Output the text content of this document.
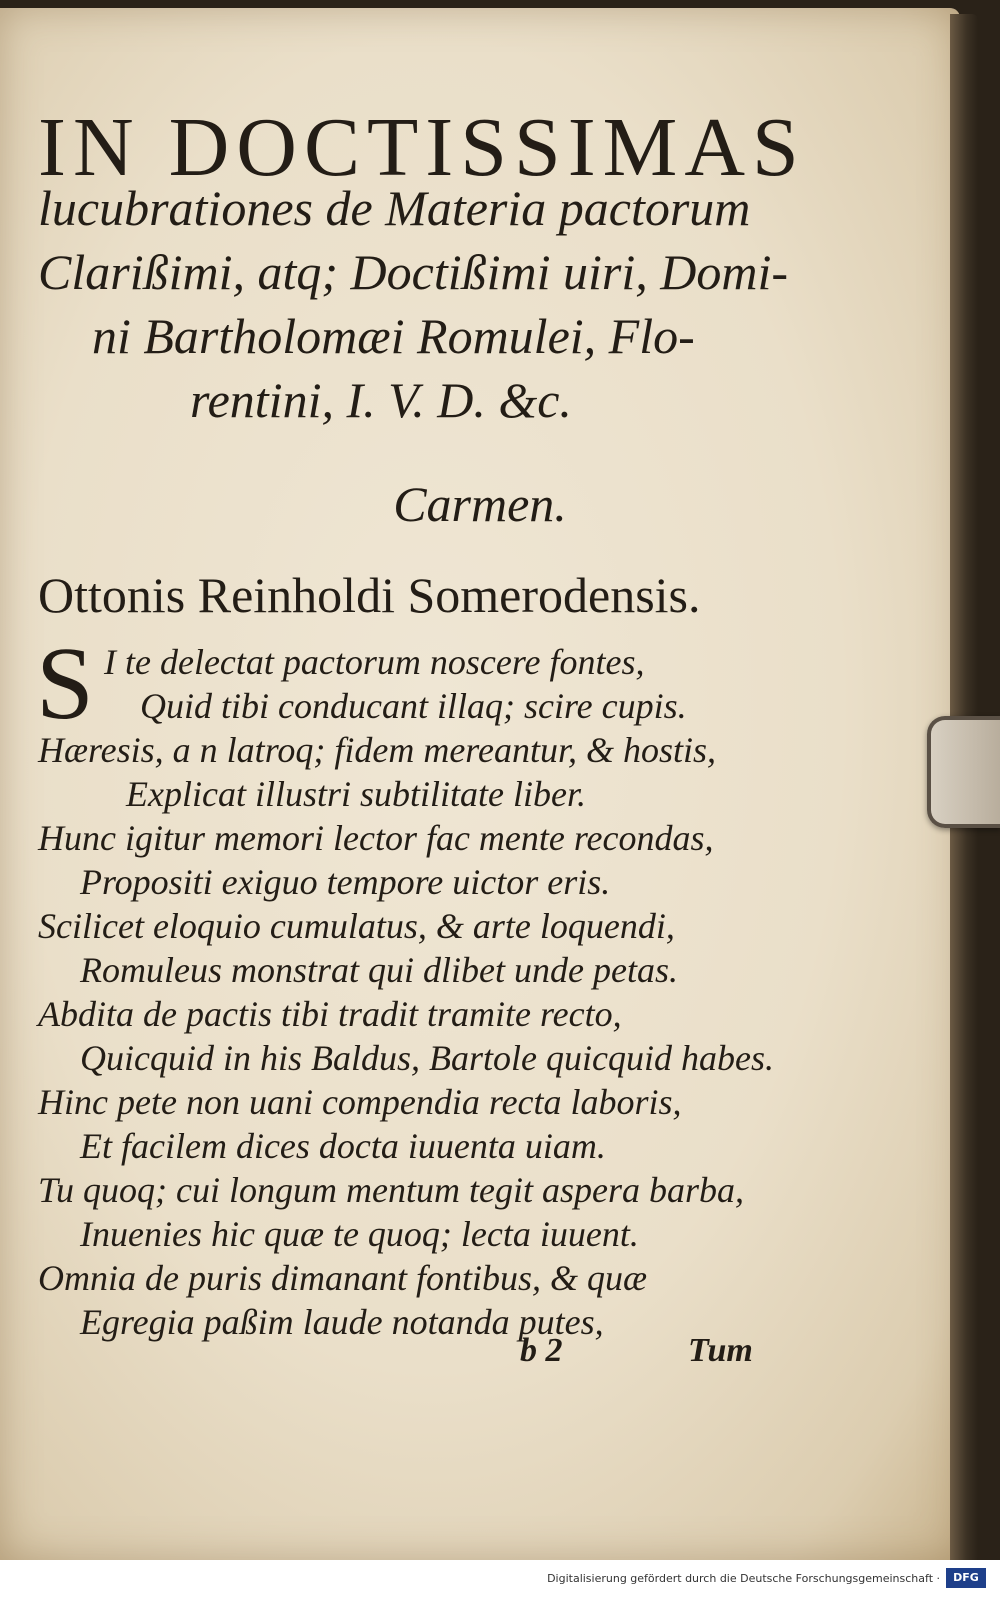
IN DOCTISSIMAS
lucubrationes de Materia pactorum
Clarißimi, atq; Doctißimi uiri, Domi-
ni Bartholomæi Romulei, Flo-
rentini, I. V. D. &c.
Carmen.
Ottonis Reinholdi Somerodensis.
S I te delectat pactorum noscere fontes,
Quid tibi conducant illaq; scire cupis.
Hæresis, a n latroq; fidem mereantur, & hostis,
Explicat illustri subtilitate liber.
Hunc igitur memori lector fac mente recondas,
Propositi exiguo tempore uictor eris.
Scilicet eloquio cumulatus, & arte loquendi,
Romuleus monstrat qui dlibet unde petas.
Abdita de pactis tibi tradit tramite recto,
Quicquid in his Baldus, Bartole quicquid habes.
Hinc pete non uani compendia recta laboris,
Et facilem dices docta iuuenta uiam.
Tu quoq; cui longum mentum tegit aspera barba,
Inuenies hic quæ te quoq; lecta iuuent.
Omnia de puris dimanant fontibus, & quæ
Egregia paßim laude notanda putes,
b 2	Tum
Digitalisierung gefördert durch die Deutsche Forschungsgemeinschaft ·	DFG
